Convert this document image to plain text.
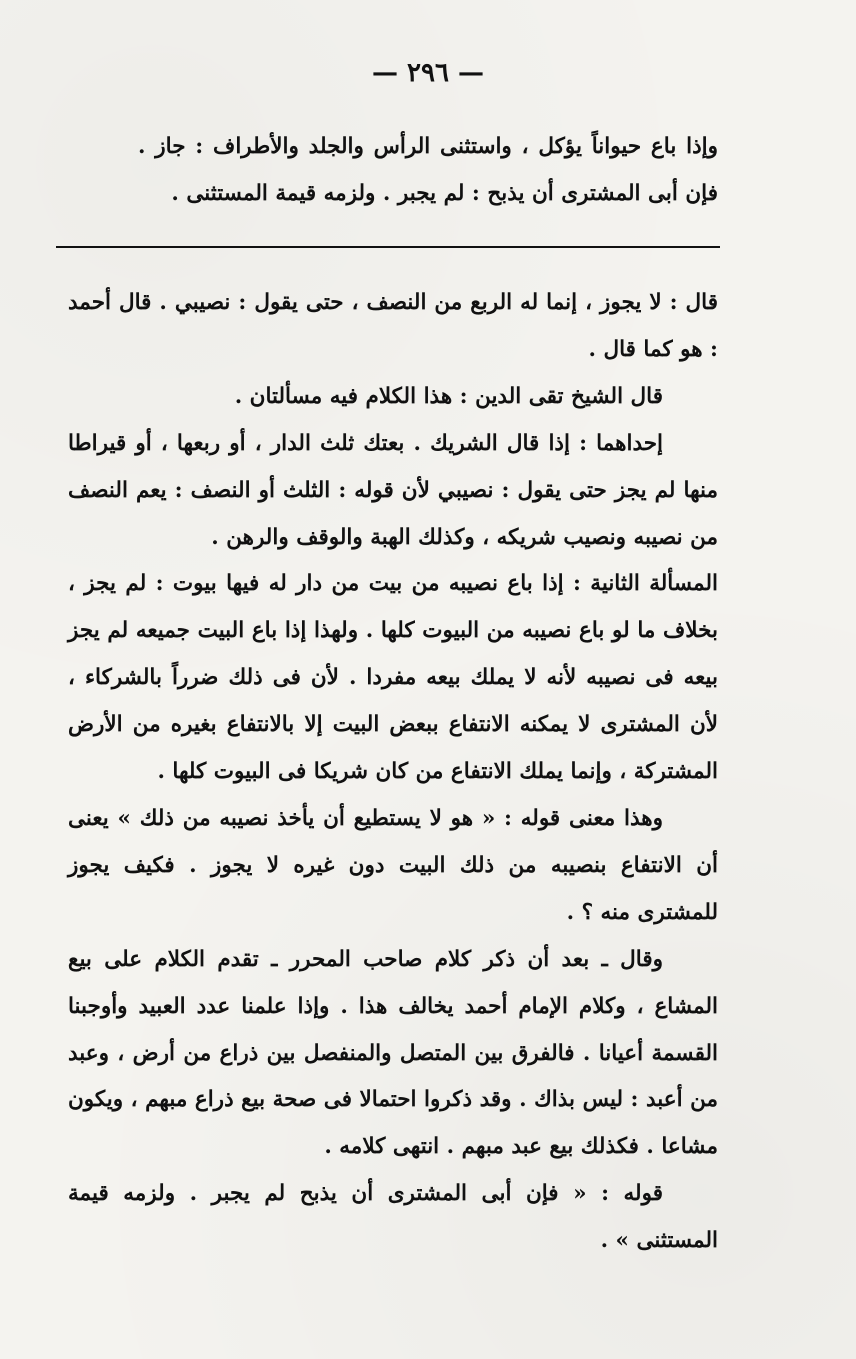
— ٢٩٦ —

وإذا باع حيواناً يؤكل ، واستثنى الرأس والجلد والأطراف : جاز . فإن أبى المشترى أن يذبح : لم يجبر . ولزمه قيمة المستثنى .

قال : لا يجوز ، إنما له الربع من النصف ، حتى يقول : نصيبي . قال أحمد : هو كما قال .

قال الشيخ تقى الدين : هذا الكلام فيه مسألتان .

إحداهما : إذا قال الشريك . بعتك ثلث الدار ، أو ربعها ، أو قيراطا منها لم يجز حتى يقول : نصيبي لأن قوله : الثلث أو النصف : يعم النصف من نصيبه ونصيب شريكه ، وكذلك الهبة والوقف والرهن .

المسألة الثانية : إذا باع نصيبه من بيت من دار له فيها بيوت : لم يجز ، بخلاف ما لو باع نصيبه من البيوت كلها . ولهذا إذا باع البيت جميعه لم يجز بيعه فى نصيبه لأنه لا يملك بيعه مفردا . لأن فى ذلك ضرراً بالشركاء ، لأن المشترى لا يمكنه الانتفاع ببعض البيت إلا بالانتفاع بغيره من الأرض المشتركة ، وإنما يملك الانتفاع من كان شريكا فى البيوت كلها .

وهذا معنى قوله : « هو لا يستطيع أن يأخذ نصيبه من ذلك » يعنى أن الانتفاع بنصيبه من ذلك البيت دون غيره لا يجوز . فكيف يجوز للمشترى منه ؟ .

وقال ـ بعد أن ذكر كلام صاحب المحرر ـ تقدم الكلام على بيع المشاع ، وكلام الإمام أحمد يخالف هذا . وإذا علمنا عدد العبيد وأوجبنا القسمة أعيانا . فالفرق بين المتصل والمنفصل بين ذراع من أرض ، وعبد من أعبد : ليس بذاك . وقد ذكروا احتمالا فى صحة بيع ذراع مبهم ، ويكون مشاعا . فكذلك بيع عبد مبهم . انتهى كلامه .

قوله : « فإن أبى المشترى أن يذبح لم يجبر . ولزمه قيمة المستثنى » .
